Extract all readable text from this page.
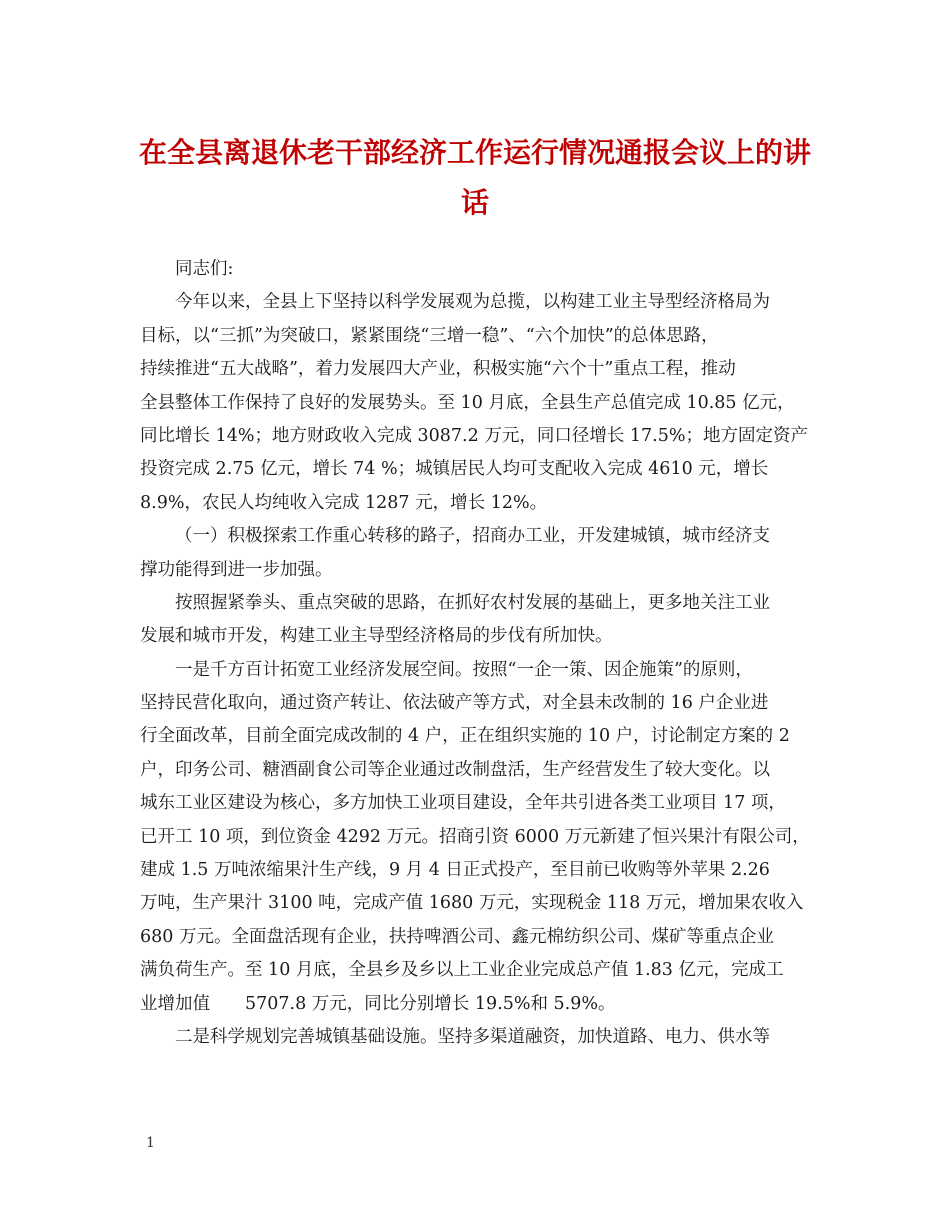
在全县离退休老干部经济工作运行情况通报会议上的讲
话
同志们:
今年以来，全县上下坚持以科学发展观为总揽，以构建工业主导型经济格局为
目标，以“三抓”为突破口，紧紧围绕“三增一稳”、“六个加快”的总体思路，
持续推进“五大战略”，着力发展四大产业，积极实施“六个十”重点工程，推动
全县整体工作保持了良好的发展势头。至 10 月底，全县生产总值完成 10.85 亿元，
同比增长 14%；地方财政收入完成 3087.2 万元，同口径增长 17.5%；地方固定资产
投资完成 2.75 亿元，增长 74 %；城镇居民人均可支配收入完成 4610 元，增长
8.9%，农民人均纯收入完成 1287 元，增长 12%。
（一）积极探索工作重心转移的路子，招商办工业，开发建城镇，城市经济支
撑功能得到进一步加强。
按照握紧拳头、重点突破的思路，在抓好农村发展的基础上，更多地关注工业
发展和城市开发，构建工业主导型经济格局的步伐有所加快。
一是千方百计拓宽工业经济发展空间。按照“一企一策、因企施策”的原则，
坚持民营化取向，通过资产转让、依法破产等方式，对全县未改制的 16 户企业进
行全面改革，目前全面完成改制的 4 户，正在组织实施的 10 户，讨论制定方案的 2
户，印务公司、糖酒副食公司等企业通过改制盘活，生产经营发生了较大变化。以
城东工业区建设为核心，多方加快工业项目建设，全年共引进各类工业项目 17 项，
已开工 10 项，到位资金 4292 万元。招商引资 6000 万元新建了恒兴果汁有限公司，
建成 1.5 万吨浓缩果汁生产线，9 月 4 日正式投产，至目前已收购等外苹果 2.26
万吨，生产果汁 3100 吨，完成产值 1680 万元，实现税金 118 万元，增加果农收入
680 万元。全面盘活现有企业，扶持啤酒公司、鑫元棉纺织公司、煤矿等重点企业
满负荷生产。至 10 月底，全县乡及乡以上工业企业完成总产值 1.83 亿元，完成工
业增加值　　5707.8 万元，同比分别增长 19.5%和 5.9%。
二是科学规划完善城镇基础设施。坚持多渠道融资，加快道路、电力、供水等
1
